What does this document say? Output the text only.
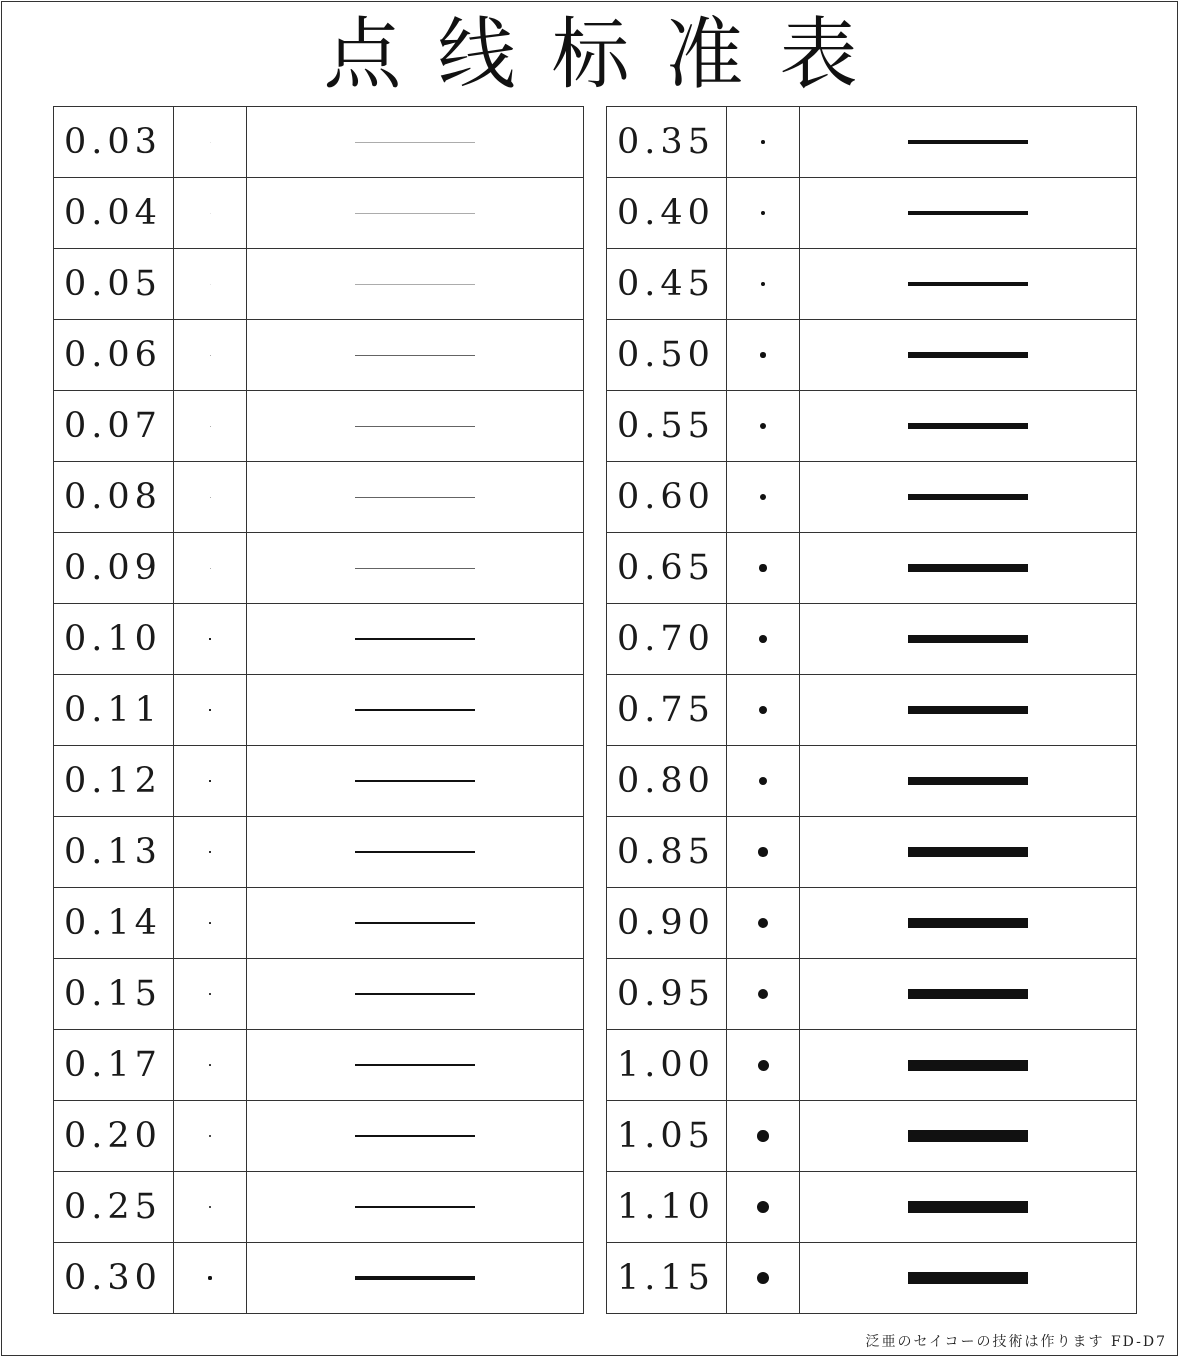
点线标准表
0.03
0.04
0.05
0.06
0.07
0.08
0.09
0.10
0.11
0.12
0.13
0.14
0.15
0.17
0.20
0.25
0.30
0.35
0.40
0.45
0.50
0.55
0.60
0.65
0.70
0.75
0.80
0.85
0.90
0.95
1.00
1.05
1.10
1.15
泛亜のセイコーの技術は作ります FD-D7
